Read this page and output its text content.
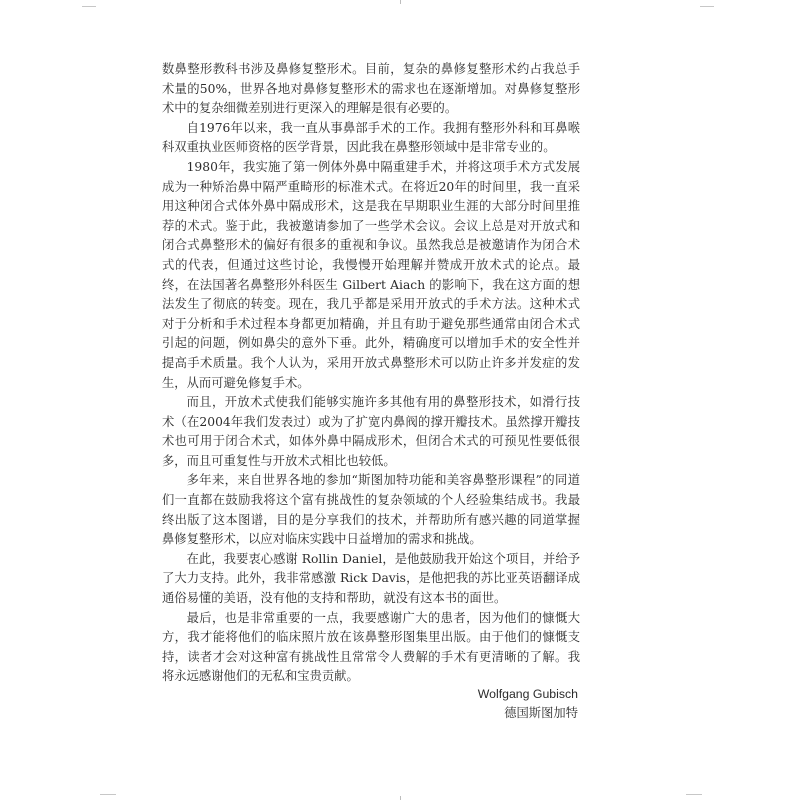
数鼻整形教科书涉及鼻修复整形术。目前，复杂的鼻修复整形术约占我总手术量的50%，世界各地对鼻修复整形术的需求也在逐渐增加。对鼻修复整形术中的复杂细微差别进行更深入的理解是很有必要的。

自1976年以来，我一直从事鼻部手术的工作。我拥有整形外科和耳鼻喉科双重执业医师资格的医学背景，因此我在鼻整形领域中是非常专业的。

1980年，我实施了第一例体外鼻中隔重建手术，并将这项手术方式发展成为一种矫治鼻中隔严重畸形的标准术式。在将近20年的时间里，我一直采用这种闭合式体外鼻中隔成形术，这是我在早期职业生涯的大部分时间里推荐的术式。鉴于此，我被邀请参加了一些学术会议。会议上总是对开放式和闭合式鼻整形术的偏好有很多的重视和争议。虽然我总是被邀请作为闭合术式的代表，但通过这些讨论，我慢慢开始理解并赞成开放术式的论点。最终，在法国著名鼻整形外科医生 Gilbert Aiach 的影响下，我在这方面的想法发生了彻底的转变。现在，我几乎都是采用开放式的手术方法。这种术式对于分析和手术过程本身都更加精确，并且有助于避免那些通常由闭合术式引起的问题，例如鼻尖的意外下垂。此外，精确度可以增加手术的安全性并提高手术质量。我个人认为，采用开放式鼻整形术可以防止许多并发症的发生，从而可避免修复手术。

而且，开放术式使我们能够实施许多其他有用的鼻整形技术，如滑行技术（在2004年我们发表过）或为了扩宽内鼻阀的撑开瓣技术。虽然撑开瓣技术也可用于闭合术式，如体外鼻中隔成形术，但闭合术式的可预见性要低很多，而且可重复性与开放术式相比也较低。

多年来，来自世界各地的参加“斯图加特功能和美容鼻整形课程”的同道们一直都在鼓励我将这个富有挑战性的复杂领域的个人经验集结成书。我最终出版了这本图谱，目的是分享我们的技术，并帮助所有感兴趣的同道掌握鼻修复整形术，以应对临床实践中日益增加的需求和挑战。

在此，我要衷心感谢 Rollin Daniel，是他鼓励我开始这个项目，并给予了大力支持。此外，我非常感激 Rick Davis，是他把我的苏比亚英语翻译成通俗易懂的美语，没有他的支持和帮助，就没有这本书的面世。

最后，也是非常重要的一点，我要感谢广大的患者，因为他们的慷慨大方，我才能将他们的临床照片放在该鼻整形图集里出版。由于他们的慷慨支持，读者才会对这种富有挑战性且常常令人费解的手术有更清晰的了解。我将永远感谢他们的无私和宝贵贡献。

Wolfgang Gubisch
德国斯图加特
